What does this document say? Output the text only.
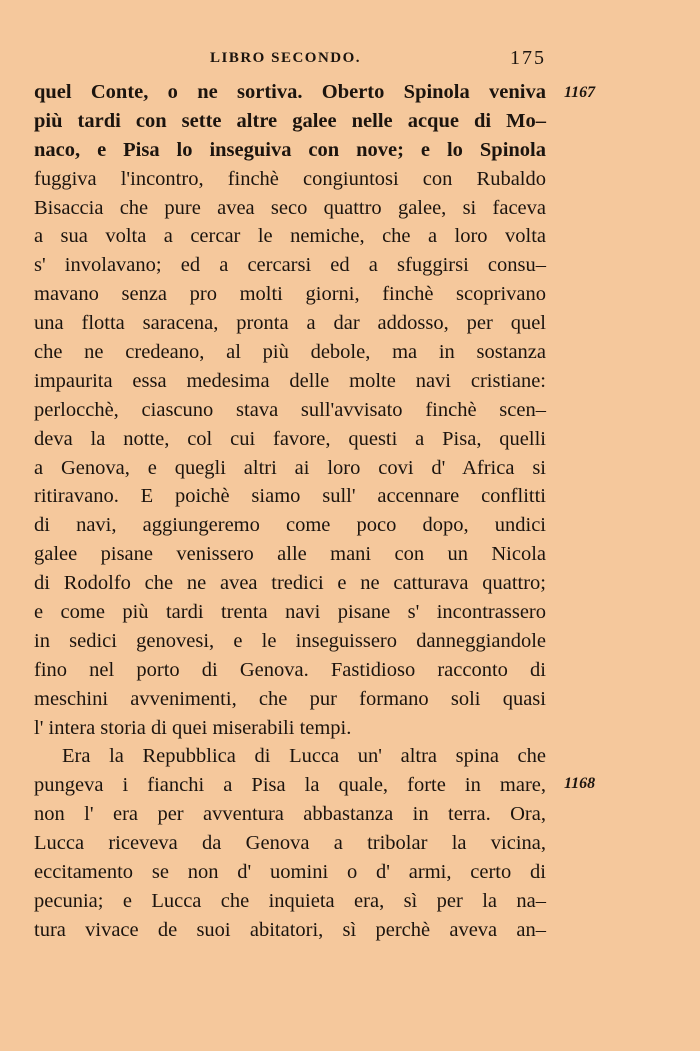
LIBRO SECONDO.	175
1167
1168
quel Conte, o ne sortiva. Oberto Spinola veniva
più tardi con sette altre galee nelle acque di Mo–
naco, e Pisa lo inseguiva con nove; e lo Spinola
fuggiva l'incontro, finchè congiuntosi con Rubaldo
Bisaccia che pure avea seco quattro galee, si faceva
a sua volta a cercar le nemiche, che a loro volta
s' involavano; ed a cercarsi ed a sfuggirsi consu–
mavano senza pro molti giorni, finchè scoprivano
una flotta saracena, pronta a dar addosso, per quel
che ne credeano, al più debole, ma in sostanza
impaurita essa medesima delle molte navi cristiane:
perlocchè, ciascuno stava sull'avvisato finchè scen–
deva la notte, col cui favore, questi a Pisa, quelli
a Genova, e quegli altri ai loro covi d' Africa si
ritiravano. E poichè siamo sull' accennare conflitti
di navi, aggiungeremo come poco dopo, undici
galee pisane venissero alle mani con un Nicola
di Rodolfo che ne avea tredici e ne catturava quattro;
e come più tardi trenta navi pisane s' incontrassero
in sedici genovesi, e le inseguissero danneggiandole
fino nel porto di Genova. Fastidioso racconto di
meschini avvenimenti, che pur formano soli quasi
l' intera storia di quei miserabili tempi.
Era la Repubblica di Lucca un' altra spina che
pungeva i fianchi a Pisa la quale, forte in mare,
non l' era per avventura abbastanza in terra. Ora,
Lucca riceveva da Genova a tribolar la vicina,
eccitamento se non d' uomini o d' armi, certo di
pecunia; e Lucca che inquieta era, sì per la na–
tura vivace de suoi abitatori, sì perchè aveva an–
